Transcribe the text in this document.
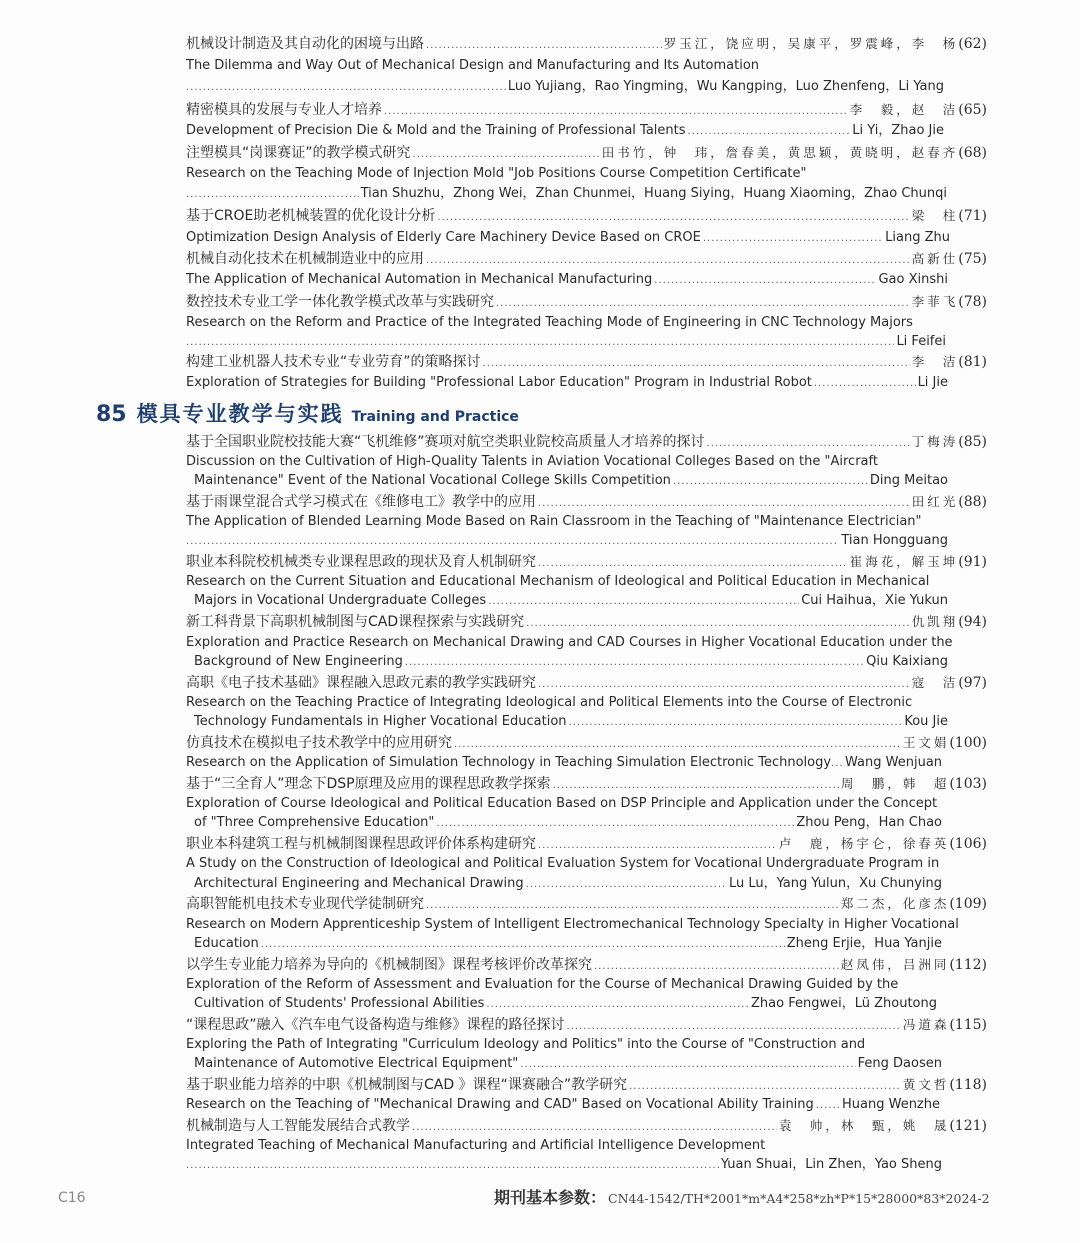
机械设计制造及其自动化的困境与出路 .....	罗玉江，饶应明，吴康平，罗震峰，李　杨 (62)
The Dilemma and Way Out of Mechanical Design and Manufacturing and Its Automation
.....
Luo Yujiang，Rao Yingming，Wu Kangping，Luo Zhenfeng，Li Yang
精密模具的发展与专业人才培养 .....	李　毅，赵　洁 (65)
Development of Precision Die & Mold and the Training of Professional Talents .....	Li Yi，Zhao Jie
注塑模具“岗课赛证”的教学模式研究 .....	田书竹，钟　玮，詹春美，黄思颖，黄晓明，赵春齐 (68)
Research on the Teaching Mode of Injection Mold "Job Positions Course Competition Certificate"
.....
Tian Shuzhu，Zhong Wei，Zhan Chunmei，Huang Siying，Huang Xiaoming，Zhao Chunqi
基于CROE助老机械装置的优化设计分析 .....	梁　柱 (71)
Optimization Design Analysis of Elderly Care Machinery Device Based on CROE .....	Liang Zhu
机械自动化技术在机械制造业中的应用 .....	高新仕 (75)
The Application of Mechanical Automation in Mechanical Manufacturing .....	Gao Xinshi
数控技术专业工学一体化教学模式改革与实践研究 .....	李菲飞 (78)
Research on the Reform and Practice of the Integrated Teaching Mode of Engineering in CNC Technology Majors
.....
Li Feifei
构建工业机器人技术专业“专业劳育”的策略探讨 .....	李　洁 (81)
Exploration of Strategies for Building "Professional Labor Education" Program in Industrial Robot .....	Li Jie
85 模具专业教学与实践 Training and Practice
基于全国职业院校技能大赛“飞机维修”赛项对航空类职业院校高质量人才培养的探讨 .....	丁梅涛 (85)
Discussion on the Cultivation of High-Quality Talents in Aviation Vocational Colleges Based on the "Aircraft
Maintenance" Event of the National Vocational College Skills Competition .....	Ding Meitao
基于雨课堂混合式学习模式在《维修电工》教学中的应用 .....	田红光 (88)
The Application of Blended Learning Mode Based on Rain Classroom in the Teaching of "Maintenance Electrician"
.....
Tian Hongguang
职业本科院校机械类专业课程思政的现状及育人机制研究 .....	崔海花，解玉坤 (91)
Research on the Current Situation and Educational Mechanism of Ideological and Political Education in Mechanical
Majors in Vocational Undergraduate Colleges .....	Cui Haihua，Xie Yukun
新工科背景下高职机械制图与CAD课程探索与实践研究 .....	仇凯翔 (94)
Exploration and Practice Research on Mechanical Drawing and CAD Courses in Higher Vocational Education under the
Background of New Engineering .....	Qiu Kaixiang
高职《电子技术基础》课程融入思政元素的教学实践研究 .....	寇　洁 (97)
Research on the Teaching Practice of Integrating Ideological and Political Elements into the Course of Electronic
Technology Fundamentals in Higher Vocational Education .....	Kou Jie
仿真技术在模拟电子技术教学中的应用研究 .....	王文娟 (100)
Research on the Application of Simulation Technology in Teaching Simulation Electronic Technology ..... Wang Wenjuan
基于“三全育人”理念下DSP原理及应用的课程思政教学探索 .....	周　鹏，韩　超 (103)
Exploration of Course Ideological and Political Education Based on DSP Principle and Application under the Concept
of "Three Comprehensive Education" .....	Zhou Peng，Han Chao
职业本科建筑工程与机械制图课程思政评价体系构建研究 .....	卢　鹿，杨宇仑，徐春英 (106)
A Study on the Construction of Ideological and Political Evaluation System for Vocational Undergraduate Program in
Architectural Engineering and Mechanical Drawing .....	Lu Lu，Yang Yulun，Xu Chunying
高职智能机电技术专业现代学徒制研究 .....	郑二杰，化彦杰 (109)
Research on Modern Apprenticeship System of Intelligent Electromechanical Technology Specialty in Higher Vocational
Education .....	Zheng Erjie，Hua Yanjie
以学生专业能力培养为导向的《机械制图》课程考核评价改革探究 .....	赵凤伟，吕洲同 (112)
Exploration of the Reform of Assessment and Evaluation for the Course of Mechanical Drawing Guided by the
Cultivation of Students' Professional Abilities .....	Zhao Fengwei，Lü Zhoutong
“课程思政”融入《汽车电气设备构造与维修》课程的路径探讨 .....	冯道森 (115)
Exploring the Path of Integrating "Curriculum Ideology and Politics" into the Course of "Construction and
Maintenance of Automotive Electrical Equipment" .....	Feng Daosen
基于职业能力培养的中职《机械制图与CAD 》课程“课赛融合”教学研究 .....	黄文哲 (118)
Research on the Teaching of "Mechanical Drawing and CAD" Based on Vocational Ability Training ..... Huang Wenzhe
机械制造与人工智能发展结合式教学 .....	袁　帅，林　甄，姚　晟 (121)
Integrated Teaching of Mechanical Manufacturing and Artificial Intelligence Development
.....
Yuan Shuai，Lin Zhen，Yao Sheng
C16	期刊基本参数： CN44-1542/TH*2001*m*A4*258*zh*P*15*28000*83*2024-2
